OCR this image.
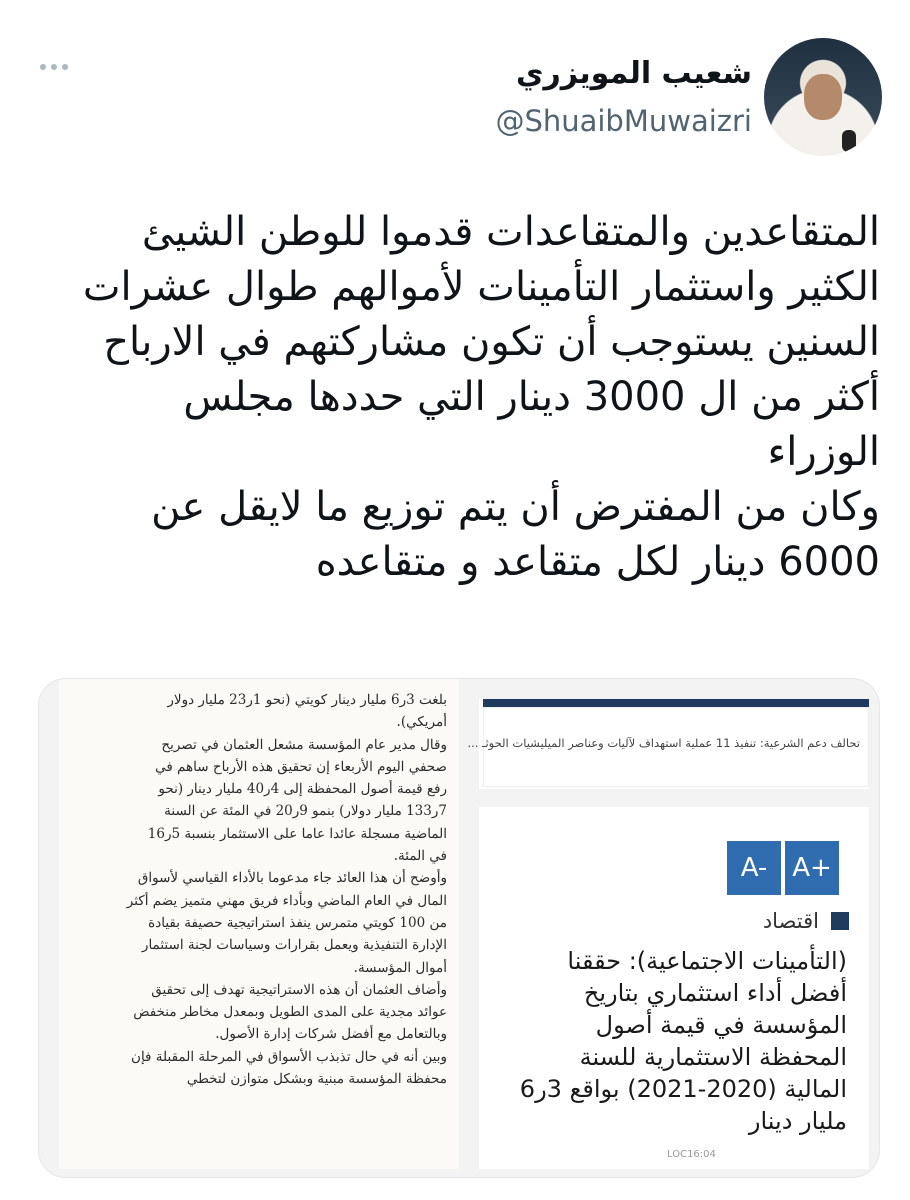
شعيب المويزري
@ShuaibMuwaizri
المتقاعدين والمتقاعدات قدموا للوطن الشيئ
الكثير واستثمار التأمينات لأموالهم طوال عشرات
السنين يستوجب أن تكون مشاركتهم في الارباح
أكثر من ال 3000 دينار التي حددها مجلس
الوزراء
وكان من المفترض أن يتم توزيع ما لايقل عن
6000 دينار لكل متقاعد و متقاعده
بلغت 3ر6 مليار دينار كويتي (نحو 1ر23 مليار دولار
أمريكي).
وقال مدير عام المؤسسة مشعل العثمان في تصريح
صحفي اليوم الأربعاء إن تحقيق هذه الأرباح ساهم في
رفع قيمة أصول المحفظة إلى 4ر40 مليار دينار (نحو
7ر133 مليار دولار) بنمو 9ر20 في المئة عن السنة
الماضية مسجلة عائدا عاما على الاستثمار بنسبة 5ر16
في المئة.
وأوضح أن هذا العائد جاء مدعوما بالأداء القياسي لأسواق
المال في العام الماضي وبأداء فريق مهني متميز يضم أكثر
من 100 كويتي متمرس ينفذ استراتيجية حصيفة بقيادة
الإدارة التنفيذية ويعمل بقرارات وسياسات لجنة استثمار
أموال المؤسسة.
وأضاف العثمان أن هذه الاستراتيجية تهدف إلى تحقيق
عوائد مجدية على المدى الطويل وبمعدل مخاطر منخفض
وبالتعامل مع أفضل شركات إدارة الأصول.
وبين أنه في حال تذبذب الأسواق في المرحلة المقبلة فإن
محفظة المؤسسة مبنية وبشكل متوازن لتخطي
تحالف دعم الشرعية: تنفيذ 11 عملية استهداف لآليات وعناصر الميليشيات الحوثـ ...
A- A+
اقتصاد
(التأمينات الاجتماعية): حققنا
أفضل أداء استثماري بتاريخ
المؤسسة في قيمة أصول
المحفظة الاستثمارية للسنة
المالية (2020-2021) بواقع 3ر6
مليار دينار
LOC16:04
